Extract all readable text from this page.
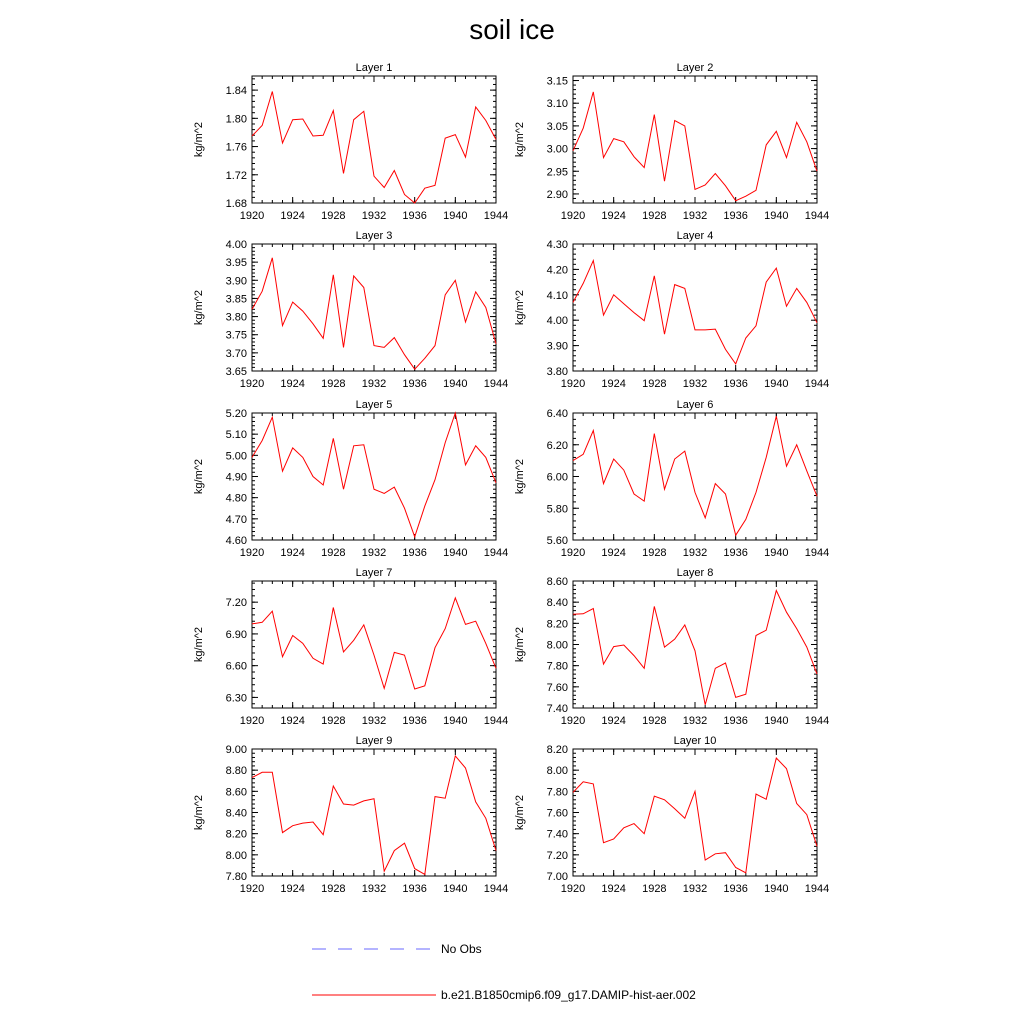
soil ice
Layer 1
1920 1924 1928 1932 1936 1940 1944
1.68
1.72
1.76
1.80
1.84
kg/m^2
Layer 2
1920 1924 1928 1932 1936 1940 1944
2.90
2.95
3.00
3.05
3.10
3.15
kg/m^2
Layer 3
1920 1924 1928 1932 1936 1940 1944
3.65
3.70
3.75
3.80
3.85
3.90
3.95
4.00
kg/m^2
Layer 4
1920 1924 1928 1932 1936 1940 1944
3.80
3.90
4.00
4.10
4.20
4.30
kg/m^2
Layer 5
1920 1924 1928 1932 1936 1940 1944
4.60
4.70
4.80
4.90
5.00
5.10
5.20
kg/m^2
Layer 6
1920 1924 1928 1932 1936 1940 1944
5.60
5.80
6.00
6.20
6.40
kg/m^2
Layer 7
1920 1924 1928 1932 1936 1940 1944
6.30
6.60
6.90
7.20
kg/m^2
Layer 8
1920 1924 1928 1932 1936 1940 1944
7.40
7.60
7.80
8.00
8.20
8.40
8.60
kg/m^2
Layer 9
1920 1924 1928 1932 1936 1940 1944
7.80
8.00
8.20
8.40
8.60
8.80
9.00
kg/m^2
Layer 10
1920 1924 1928 1932 1936 1940 1944
7.00
7.20
7.40
7.60
7.80
8.00
8.20
kg/m^2
No Obs
b.e21.B1850cmip6.f09_g17.DAMIP-hist-aer.002
